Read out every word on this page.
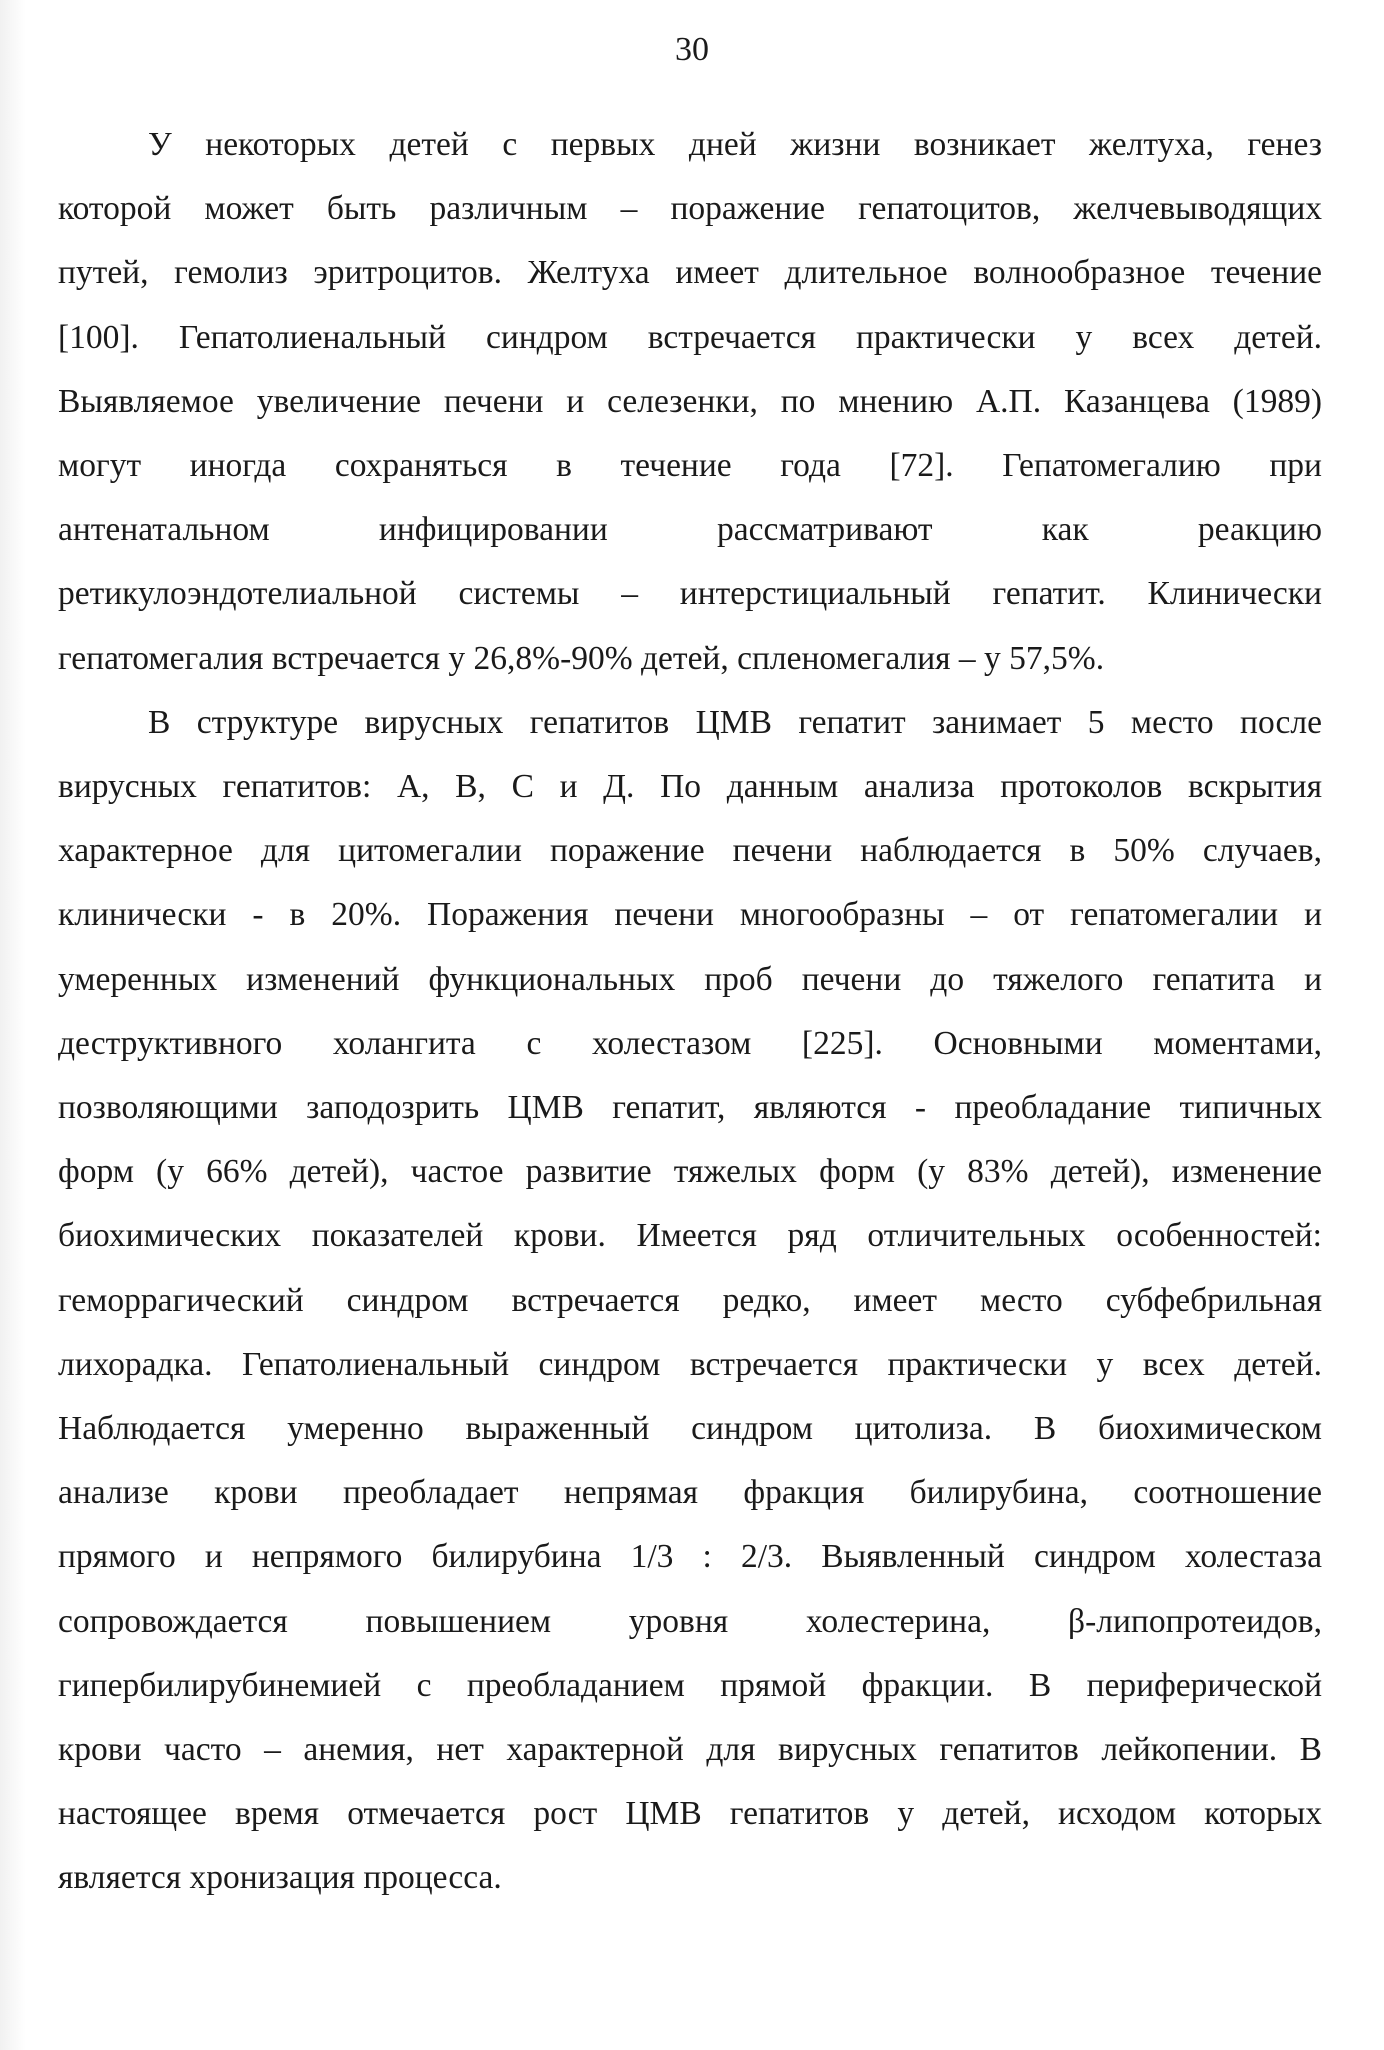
30
У некоторых детей с первых дней жизни возникает желтуха, генез
которой может быть различным – поражение гепатоцитов, желчевыводящих
путей, гемолиз эритроцитов. Желтуха имеет длительное волнообразное течение
[100]. Гепатолиенальный синдром встречается практически у всех детей.
Выявляемое увеличение печени и селезенки, по мнению А.П. Казанцева (1989)
могут иногда сохраняться в течение года [72]. Гепатомегалию при
антенатальном инфицировании рассматривают как реакцию
ретикулоэндотелиальной системы – интерстициальный гепатит. Клинически
гепатомегалия встречается у 26,8%-90% детей, спленомегалия – у 57,5%.
В структуре вирусных гепатитов ЦМВ гепатит занимает 5 место после
вирусных гепатитов: А, В, С и Д. По данным анализа протоколов вскрытия
характерное для цитомегалии поражение печени наблюдается в 50% случаев,
клинически - в 20%. Поражения печени многообразны – от гепатомегалии и
умеренных изменений функциональных проб печени до тяжелого гепатита и
деструктивного холангита с холестазом [225]. Основными моментами,
позволяющими заподозрить ЦМВ гепатит, являются - преобладание типичных
форм (у 66% детей), частое развитие тяжелых форм (у 83% детей), изменение
биохимических показателей крови. Имеется ряд отличительных особенностей:
геморрагический синдром встречается редко, имеет место субфебрильная
лихорадка. Гепатолиенальный синдром встречается практически у всех детей.
Наблюдается умеренно выраженный синдром цитолиза. В биохимическом
анализе крови преобладает непрямая фракция билирубина, соотношение
прямого и непрямого билирубина 1/3 : 2/3. Выявленный синдром холестаза
сопровождается повышением уровня холестерина, β-липопротеидов,
гипербилирубинемией с преобладанием прямой фракции. В периферической
крови часто – анемия, нет характерной для вирусных гепатитов лейкопении. В
настоящее время отмечается рост ЦМВ гепатитов у детей, исходом которых
является хронизация процесса.
